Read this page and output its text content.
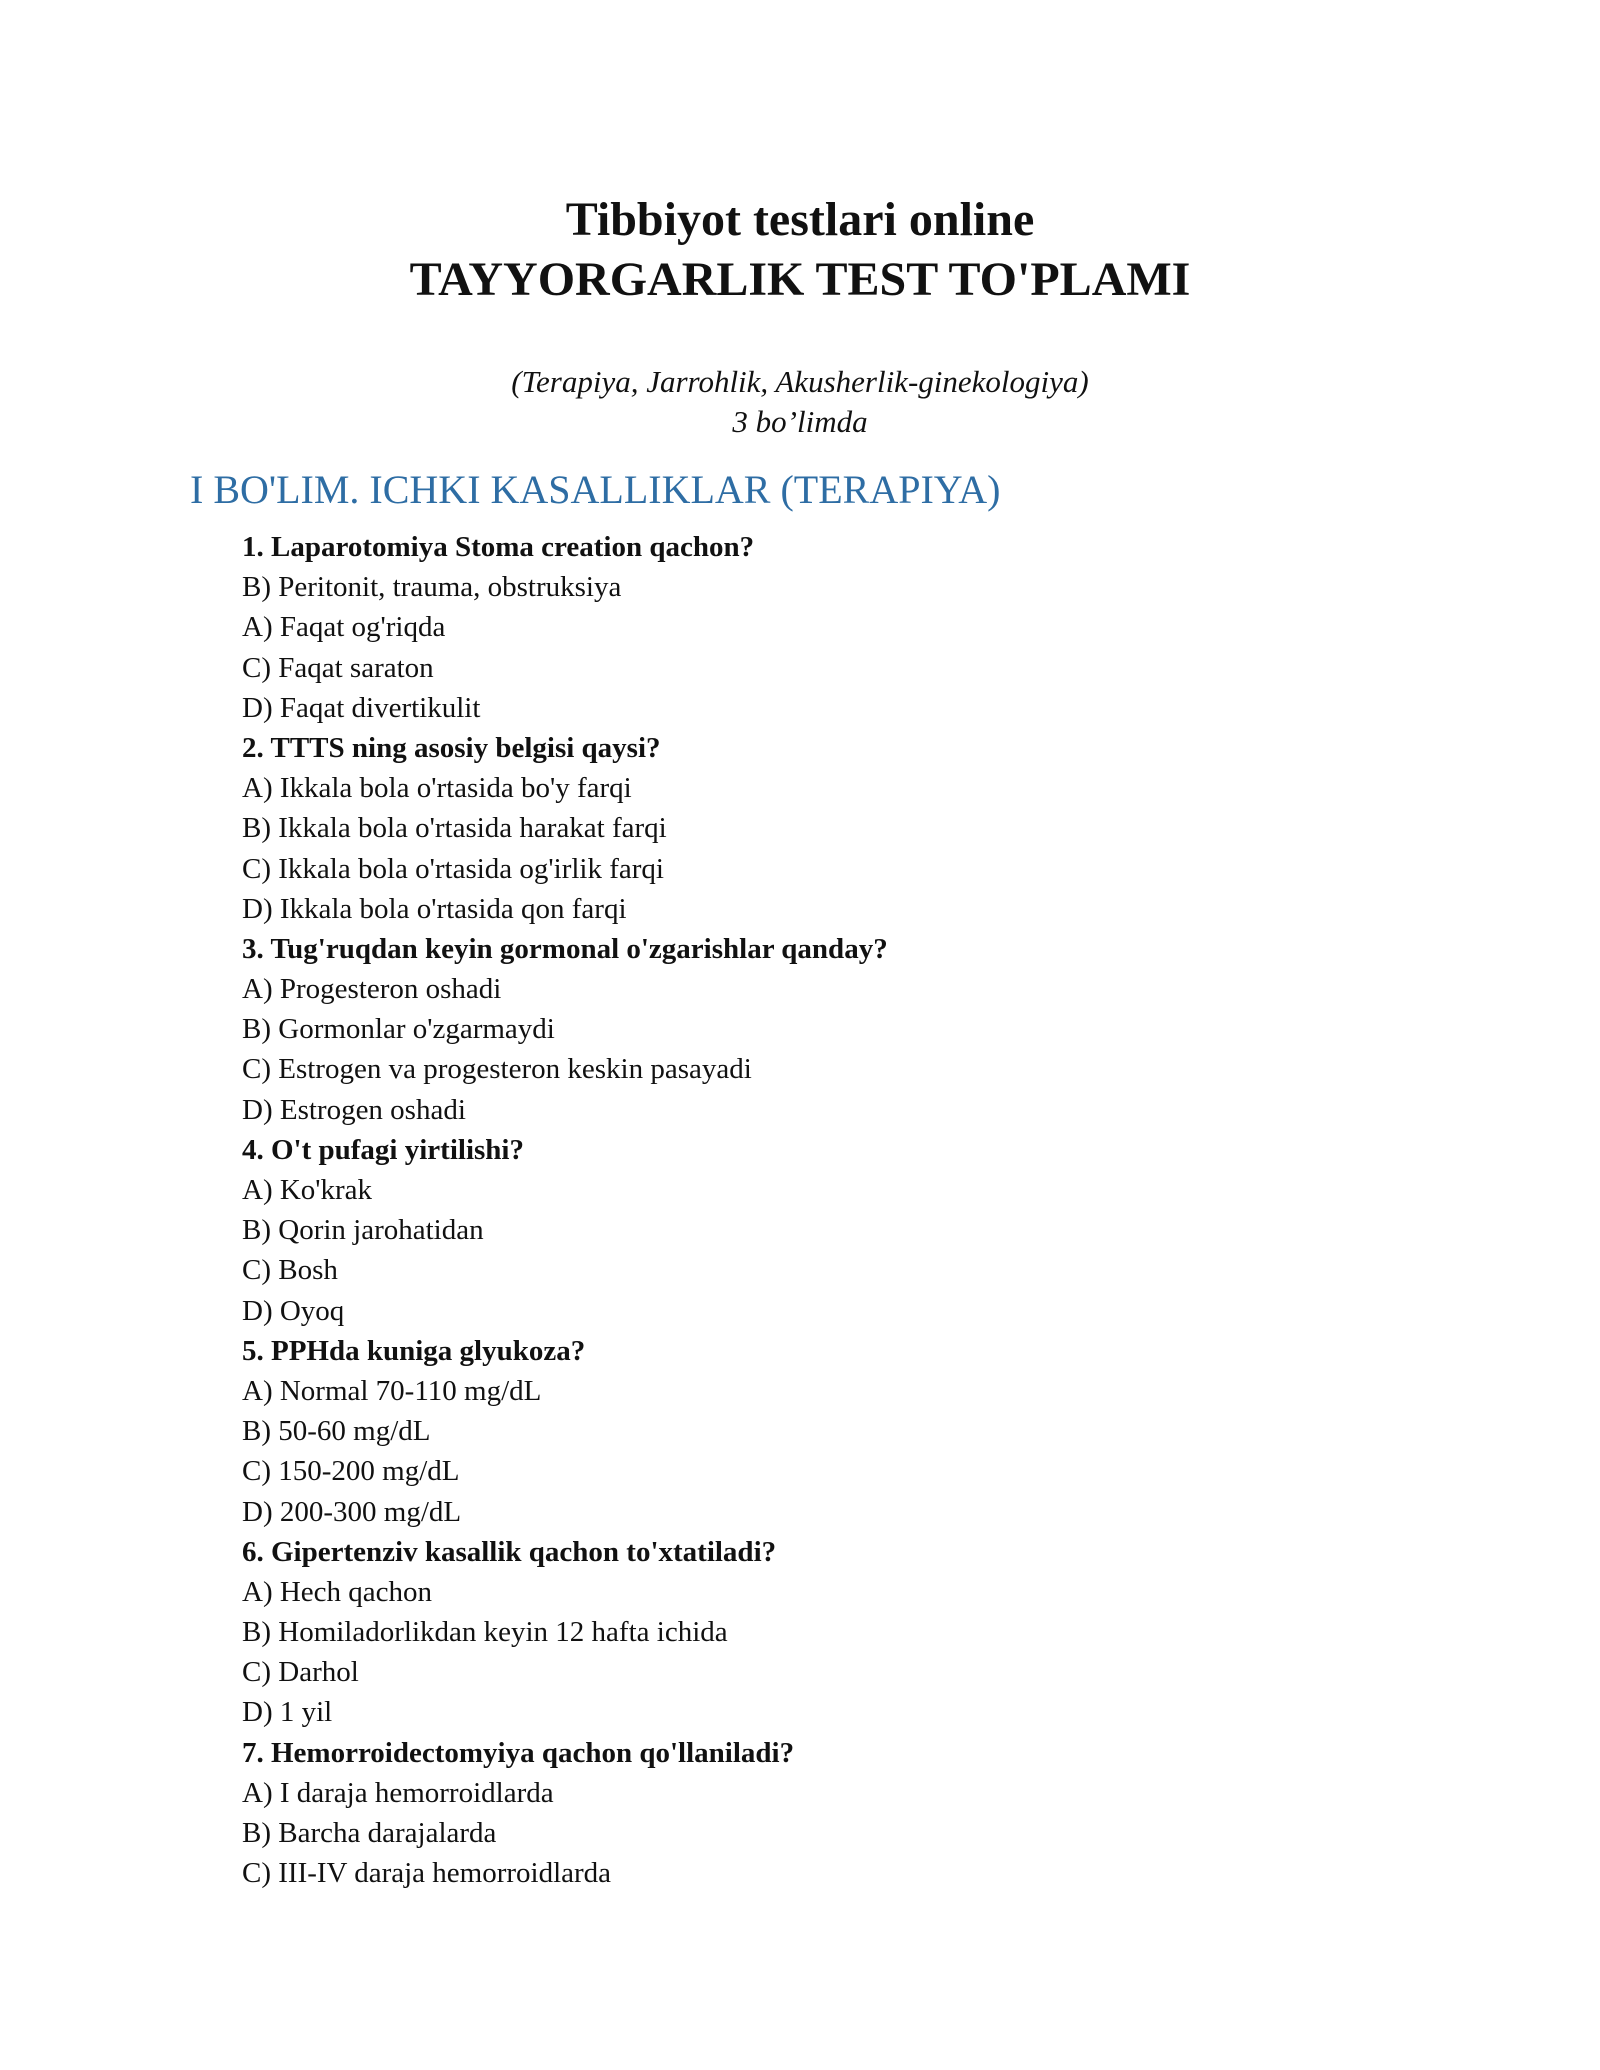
Tibbiyot testlari online
TAYYORGARLIK TEST TO'PLAMI
(Terapiya, Jarrohlik, Akusherlik-ginekologiya)
3 bo’limda
I BO'LIM. ICHKI KASALLIKLAR (TERAPIYA)
1. Laparotomiya Stoma creation qachon?
B) Peritonit, trauma, obstruksiya
A) Faqat og'riqda
C) Faqat saraton
D) Faqat divertikulit
2. TTTS ning asosiy belgisi qaysi?
A) Ikkala bola o'rtasida bo'y farqi
B) Ikkala bola o'rtasida harakat farqi
C) Ikkala bola o'rtasida og'irlik farqi
D) Ikkala bola o'rtasida qon farqi
3. Tug'ruqdan keyin gormonal o'zgarishlar qanday?
A) Progesteron oshadi
B) Gormonlar o'zgarmaydi
C) Estrogen va progesteron keskin pasayadi
D) Estrogen oshadi
4. O't pufagi yirtilishi?
A) Ko'krak
B) Qorin jarohatidan
C) Bosh
D) Oyoq
5. PPHda kuniga glyukoza?
A) Normal 70-110 mg/dL
B) 50-60 mg/dL
C) 150-200 mg/dL
D) 200-300 mg/dL
6. Gipertenziv kasallik qachon to'xtatiladi?
A) Hech qachon
B) Homiladorlikdan keyin 12 hafta ichida
C) Darhol
D) 1 yil
7. Hemorroidectomyiya qachon qo'llaniladi?
A) I daraja hemorroidlarda
B) Barcha darajalarda
C) III-IV daraja hemorroidlarda
